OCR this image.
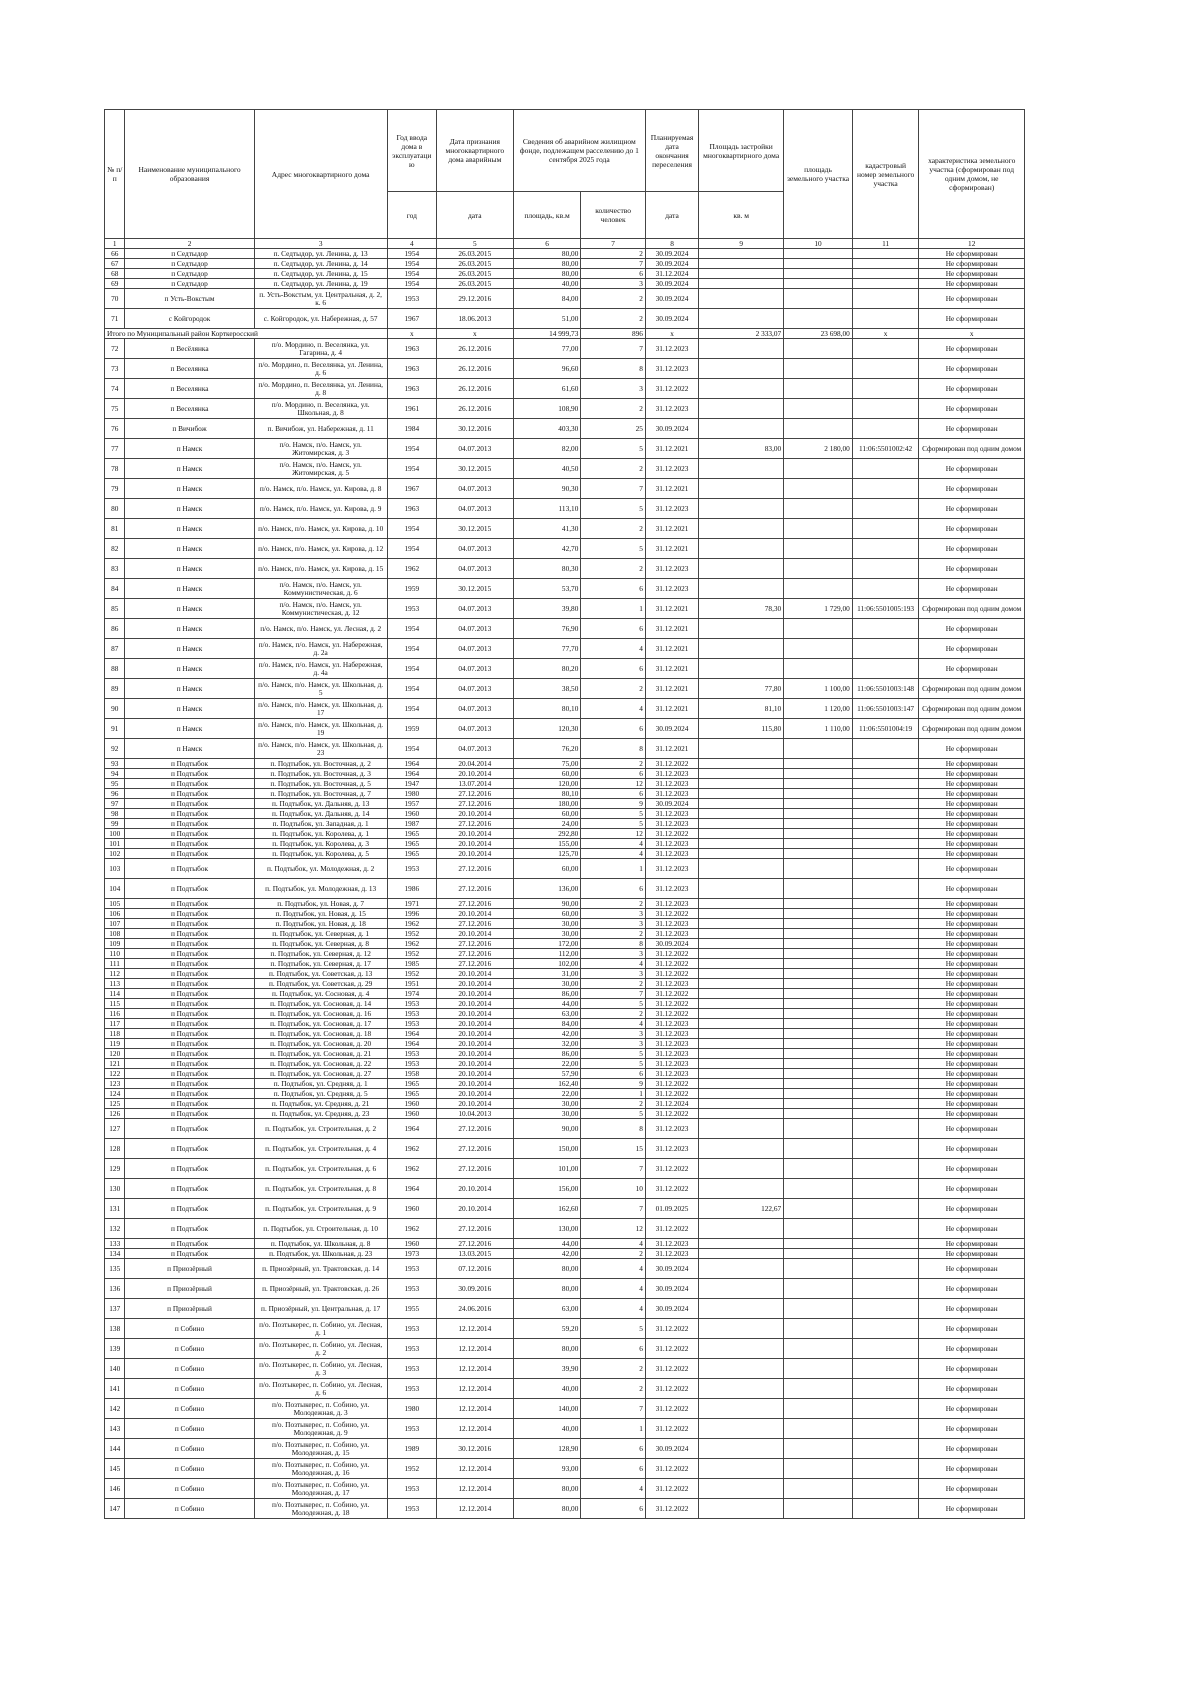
№ п/п	Наименование муниципального образования	Адрес многоквартирного дома	Год ввода дома в эксплуатацию	Дата признания многоквартирного дома аварийным	Сведения об аварийном жилищном фонде, подлежащем расселению до 1 сентября 2025 года		Планируемая дата окончания переселения	Площадь застройки многоквартирного дома	площадь земельного участка	кадастровый номер земельного участка	характеристика земельного участка (сформирован под одним домом, не сформирован)
			год	дата	площадь, кв.м	количество человек	дата	кв. м			
1	2	3	4	5	6	7	8	9	10	11	12
66	п Седтыдор	п. Седтыдор, ул. Ленина, д. 13	1954	26.03.2015	80,00	2	30.09.2024				Не сформирован
67	п Седтыдор	п. Седтыдор, ул. Ленина, д. 14	1954	26.03.2015	80,00	7	30.09.2024				Не сформирован
68	п Седтыдор	п. Седтыдор, ул. Ленина, д. 15	1954	26.03.2015	80,00	6	31.12.2024				Не сформирован
69	п Седтыдор	п. Седтыдор, ул. Ленина, д. 19	1954	26.03.2015	40,00	3	30.09.2024				Не сформирован
70	п Усть-Вокстым	п. Усть-Вокстым, ул. Центральная, д. 2, к. 6	1953	29.12.2016	84,00	2	30.09.2024				Не сформирован
71	с Койгородок	с. Койгородок, ул. Набережная, д. 57	1967	18.06.2013	51,00	2	30.09.2024				Не сформирован
Итого по Муниципальный район Корткеросский			x	x	14 999,73	896	x	2 333,07	23 698,00	x	x
72	п Весёлянка	п/о. Мордино, п. Вeселянка, ул. Гагарина, д. 4	1963	26.12.2016	77,00	7	31.12.2023				Не сформирован
73	п Вeселянка	п/о. Мордино, п. Вeселянка, ул. Ленина, д. 6	1963	26.12.2016	96,60	8	31.12.2023				Не сформирован
74	п Вeселянка	п/о. Мордино, п. Вeселянка, ул. Ленина, д. 8	1963	26.12.2016	61,60	3	31.12.2022				Не сформирован
75	п Вeселянка	п/о. Мордино, п. Вeселянка, ул. Школьная, д. 8	1961	26.12.2016	108,90	2	31.12.2023				Не сформирован
76	п Вичибож	п. Вичибож, ул. Набережная, д. 11	1984	30.12.2016	403,30	25	30.09.2024				Не сформирован
77	п Намск	п/о. Намск, п/о. Намск, ул. Житомирская, д. 3	1954	04.07.2013	82,00	5	31.12.2021	83,00	2 180,00	11:06:5501002:42	Сформирован под одним домом
78	п Намск	п/о. Намск, п/о. Намск, ул. Житомирская, д. 5	1954	30.12.2015	40,50	2	31.12.2023				Не сформирован
79	п Намск	п/о. Намск, п/о. Намск, ул. Кирова, д. 8	1967	04.07.2013	90,30	7	31.12.2021				Не сформирован
80	п Намск	п/о. Намск, п/о. Намск, ул. Кирова, д. 9	1963	04.07.2013	113,10	5	31.12.2023				Не сформирован
81	п Намск	п/о. Намск, п/о. Намск, ул. Кирова, д. 10	1954	30.12.2015	41,30	2	31.12.2021				Не сформирован
82	п Намск	п/о. Намск, п/о. Намск, ул. Кирова, д. 12	1954	04.07.2013	42,70	5	31.12.2021				Не сформирован
83	п Намск	п/о. Намск, п/о. Намск, ул. Кирова, д. 15	1962	04.07.2013	80,30	2	31.12.2023				Не сформирован
84	п Намск	п/о. Намск, п/о. Намск, ул. Коммунистическая, д. 6	1959	30.12.2015	53,70	6	31.12.2023				Не сформирован
85	п Намск	п/о. Намск, п/о. Намск, ул. Коммунистическая, д. 12	1953	04.07.2013	39,80	1	31.12.2021	78,30	1 729,00	11:06:5501005:193	Сформирован под одним домом
86	п Намск	п/о. Намск, п/о. Намск, ул. Лесная, д. 2	1954	04.07.2013	76,90	6	31.12.2021				Не сформирован
87	п Намск	п/о. Намск, п/о. Намск, ул. Набережная, д. 2а	1954	04.07.2013	77,70	4	31.12.2021				Не сформирован
88	п Намск	п/о. Намск, п/о. Намск, ул. Набережная, д. 4а	1954	04.07.2013	80,20	6	31.12.2021				Не сформирован
89	п Намск	п/о. Намск, п/о. Намск, ул. Школьная, д. 5	1954	04.07.2013	38,50	2	31.12.2021	77,80	1 100,00	11:06:5501003:148	Сформирован под одним домом
90	п Намск	п/о. Намск, п/о. Намск, ул. Школьная, д. 17	1954	04.07.2013	80,10	4	31.12.2021	81,10	1 120,00	11:06:5501003:147	Сформирован под одним домом
91	п Намск	п/о. Намск, п/о. Намск, ул. Школьная, д. 19	1959	04.07.2013	120,30	6	30.09.2024	115,80	1 110,00	11:06:5501004:19	Сформирован под одним домом
92	п Намск	п/о. Намск, п/о. Намск, ул. Школьная, д. 23	1954	04.07.2013	76,20	8	31.12.2021				Не сформирован
93	п Подтыбок	п. Подтыбок, ул. Восточная, д. 2	1964	20.04.2014	75,00	2	31.12.2022				Не сформирован
94	п Подтыбок	п. Подтыбок, ул. Восточная, д. 3	1964	20.10.2014	60,00	6	31.12.2023				Не сформирован
95	п Подтыбок	п. Подтыбок, ул. Восточная, д. 5	1947	13.07.2014	120,00	12	31.12.2023				Не сформирован
96	п Подтыбок	п. Подтыбок, ул. Восточная, д. 7	1980	27.12.2016	80,10	6	31.12.2023				Не сформирован
97	п Подтыбок	п. Подтыбок, ул. Дальняя, д. 13	1957	27.12.2016	180,00	9	30.09.2024				Не сформирован
98	п Подтыбок	п. Подтыбок, ул. Дальняя, д. 14	1960	20.10.2014	60,00	5	31.12.2023				Не сформирован
99	п Подтыбок	п. Подтыбок, ул. Западная, д. 1	1987	27.12.2016	24,00	5	31.12.2023				Не сформирован
100	п Подтыбок	п. Подтыбок, ул. Королева, д. 1	1965	20.10.2014	292,80	12	31.12.2022				Не сформирован
101	п Подтыбок	п. Подтыбок, ул. Королева, д. 3	1965	20.10.2014	155,00	4	31.12.2023				Не сформирован
102	п Подтыбок	п. Подтыбок, ул. Королева, д. 5	1965	20.10.2014	125,70	4	31.12.2023				Не сформирован
103	п Подтыбок	п. Подтыбок, ул. Молодежная, д. 2	1953	27.12.2016	60,00	1	31.12.2023				Не сформирован
104	п Подтыбок	п. Подтыбок, ул. Молодежная, д. 13	1986	27.12.2016	136,00	6	31.12.2023				Не сформирован
105	п Подтыбок	п. Подтыбок, ул. Новая, д. 7	1971	27.12.2016	90,00	2	31.12.2023				Не сформирован
106	п Подтыбок	п. Подтыбок, ул. Новая, д. 15	1996	20.10.2014	60,00	3	31.12.2022				Не сформирован
107	п Подтыбок	п. Подтыбок, ул. Новая, д. 18	1962	27.12.2016	30,00	3	31.12.2023				Не сформирован
108	п Подтыбок	п. Подтыбок, ул. Северная, д. 1	1952	20.10.2014	30,00	2	31.12.2023				Не сформирован
109	п Подтыбок	п. Подтыбок, ул. Северная, д. 8	1962	27.12.2016	172,00	8	30.09.2024				Не сформирован
110	п Подтыбок	п. Подтыбок, ул. Северная, д. 12	1952	27.12.2016	112,00	3	31.12.2022				Не сформирован
111	п Подтыбок	п. Подтыбок, ул. Северная, д. 17	1985	27.12.2016	102,00	4	31.12.2022				Не сформирован
112	п Подтыбок	п. Подтыбок, ул. Советская, д. 13	1952	20.10.2014	31,00	3	31.12.2022				Не сформирован
113	п Подтыбок	п. Подтыбок, ул. Советская, д. 29	1951	20.10.2014	30,00	2	31.12.2023				Не сформирован
114	п Подтыбок	п. Подтыбок, ул. Сосновая, д. 4	1974	20.10.2014	86,00	7	31.12.2022				Не сформирован
115	п Подтыбок	п. Подтыбок, ул. Сосновая, д. 14	1953	20.10.2014	44,00	5	31.12.2022				Не сформирован
116	п Подтыбок	п. Подтыбок, ул. Сосновая, д. 16	1953	20.10.2014	63,00	2	31.12.2022				Не сформирован
117	п Подтыбок	п. Подтыбок, ул. Сосновая, д. 17	1953	20.10.2014	84,00	4	31.12.2023				Не сформирован
118	п Подтыбок	п. Подтыбок, ул. Сосновая, д. 18	1964	20.10.2014	42,00	3	31.12.2023				Не сформирован
119	п Подтыбок	п. Подтыбок, ул. Сосновая, д. 20	1964	20.10.2014	32,00	3	31.12.2023				Не сформирован
120	п Подтыбок	п. Подтыбок, ул. Сосновая, д. 21	1953	20.10.2014	86,00	5	31.12.2023				Не сформирован
121	п Подтыбок	п. Подтыбок, ул. Сосновая, д. 22	1953	20.10.2014	22,00	5	31.12.2023				Не сформирован
122	п Подтыбок	п. Подтыбок, ул. Сосновая, д. 27	1958	20.10.2014	57,90	6	31.12.2023				Не сформирован
123	п Подтыбок	п. Подтыбок, ул. Средняя, д. 1	1965	20.10.2014	162,40	9	31.12.2022				Не сформирован
124	п Подтыбок	п. Подтыбок, ул. Средняя, д. 5	1965	20.10.2014	22,00	1	31.12.2022				Не сформирован
125	п Подтыбок	п. Подтыбок, ул. Средняя, д. 21	1960	20.10.2014	30,00	2	31.12.2024				Не сформирован
126	п Подтыбок	п. Подтыбок, ул. Средняя, д. 23	1960	10.04.2013	30,00	5	31.12.2022				Не сформирован
127	п Подтыбок	п. Подтыбок, ул. Строительная, д. 2	1964	27.12.2016	90,00	8	31.12.2023				Не сформирован
128	п Подтыбок	п. Подтыбок, ул. Строительная, д. 4	1962	27.12.2016	150,00	15	31.12.2023				Не сформирован
129	п Подтыбок	п. Подтыбок, ул. Строительная, д. 6	1962	27.12.2016	101,00	7	31.12.2022				Не сформирован
130	п Подтыбок	п. Подтыбок, ул. Строительная, д. 8	1964	20.10.2014	156,00	10	31.12.2022				Не сформирован
131	п Подтыбок	п. Подтыбок, ул. Строительная, д. 9	1960	20.10.2014	162,60	7	01.09.2025	122,67			Не сформирован
132	п Подтыбок	п. Подтыбок, ул. Строительная, д. 10	1962	27.12.2016	130,00	12	31.12.2022				Не сформирован
133	п Подтыбок	п. Подтыбок, ул. Школьная, д. 8	1960	27.12.2016	44,00	4	31.12.2023				Не сформирован
134	п Подтыбок	п. Подтыбок, ул. Школьная, д. 23	1973	13.03.2015	42,00	2	31.12.2023				Не сформирован
135	п Приозёрный	п. Приозёрный, ул. Трактовская, д. 14	1953	07.12.2016	80,00	4	30.09.2024				Не сформирован
136	п Приозёрный	п. Приозёрный, ул. Трактовская, д. 26	1953	30.09.2016	80,00	4	30.09.2024				Не сформирован
137	п Приозёрный	п. Приозёрный, ул. Центральная, д. 17	1955	24.06.2016	63,00	4	30.09.2024				Не сформирован
138	п Собино	п/о. Позтыкерес, п. Собино, ул. Лесная, д. 1	1953	12.12.2014	59,20	5	31.12.2022				Не сформирован
139	п Собино	п/о. Позтыкерес, п. Собино, ул. Лесная, д. 2	1953	12.12.2014	80,00	6	31.12.2022				Не сформирован
140	п Собино	п/о. Позтыкерес, п. Собино, ул. Лесная, д. 3	1953	12.12.2014	39,90	2	31.12.2022				Не сформирован
141	п Собино	п/о. Позтыкерес, п. Собино, ул. Лесная, д. 6	1953	12.12.2014	40,00	2	31.12.2022				Не сформирован
142	п Собино	п/о. Позтыкерес, п. Собино, ул. Молодежная, д. 3	1980	12.12.2014	140,00	7	31.12.2022				Не сформирован
143	п Собино	п/о. Позтыкерес, п. Собино, ул. Молодежная, д. 9	1953	12.12.2014	40,00	1	31.12.2022				Не сформирован
144	п Собино	п/о. Позтыкерес, п. Собино, ул. Молодежная, д. 15	1989	30.12.2016	128,90	6	30.09.2024				Не сформирован
145	п Собино	п/о. Позтыкерес, п. Собино, ул. Молодежная, д. 16	1952	12.12.2014	93,00	6	31.12.2022				Не сформирован
146	п Собино	п/о. Позтыкерес, п. Собино, ул. Молодежная, д. 17	1953	12.12.2014	80,00	4	31.12.2022				Не сформирован
147	п Собино	п/о. Позтыкерес, п. Собино, ул. Молодежная, д. 18	1953	12.12.2014	80,00	6	31.12.2022				Не сформирован
